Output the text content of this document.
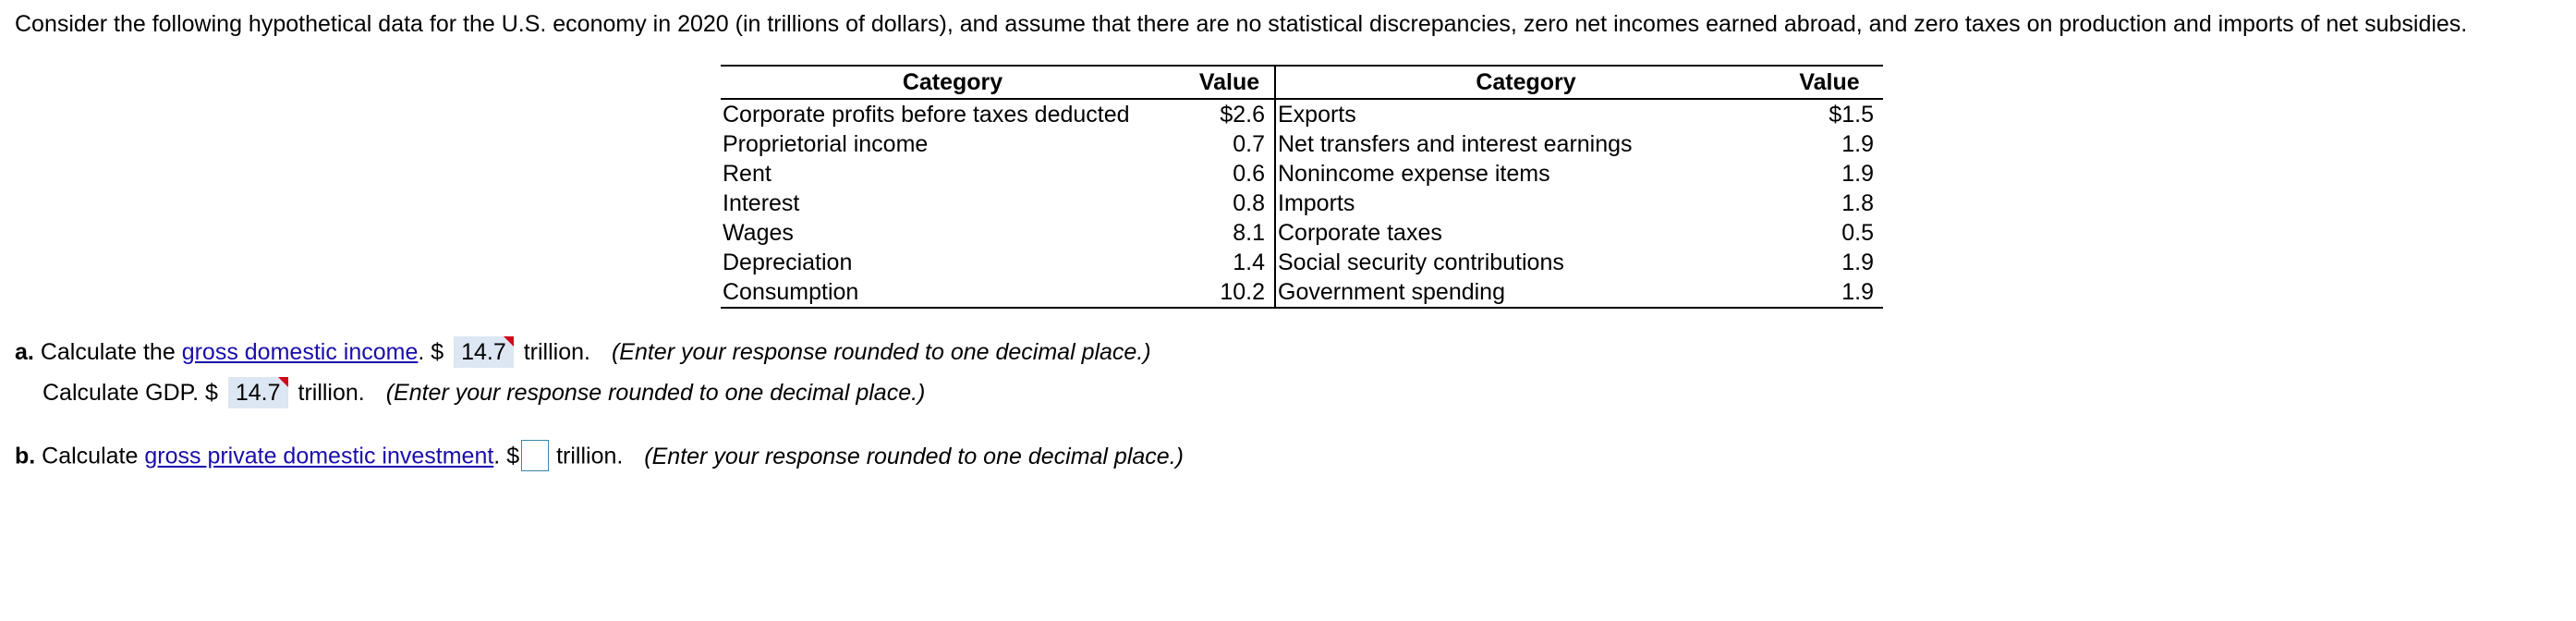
Consider the following hypothetical data for the U.S. economy in 2020 (in trillions of dollars), and assume that there are no statistical discrepancies, zero net incomes earned abroad, and zero taxes on production and imports of net subsidies.
Category	Value	Category	Value
Corporate profits before taxes deducted	$2.6	Exports	$1.5
Proprietorial income	0.7	Net transfers and interest earnings	1.9
Rent	0.6	Nonincome expense items	1.9
Interest	0.8	Imports	1.8
Wages	8.1	Corporate taxes	0.5
Depreciation	1.4	Social security contributions	1.9
Consumption	10.2	Government spending	1.9
a. Calculate the gross domestic income. $ 14.7 trillion. (Enter your response rounded to one decimal place.)
Calculate GDP. $ 14.7 trillion. (Enter your response rounded to one decimal place.)
b. Calculate gross private domestic investment. $ trillion. (Enter your response rounded to one decimal place.)
